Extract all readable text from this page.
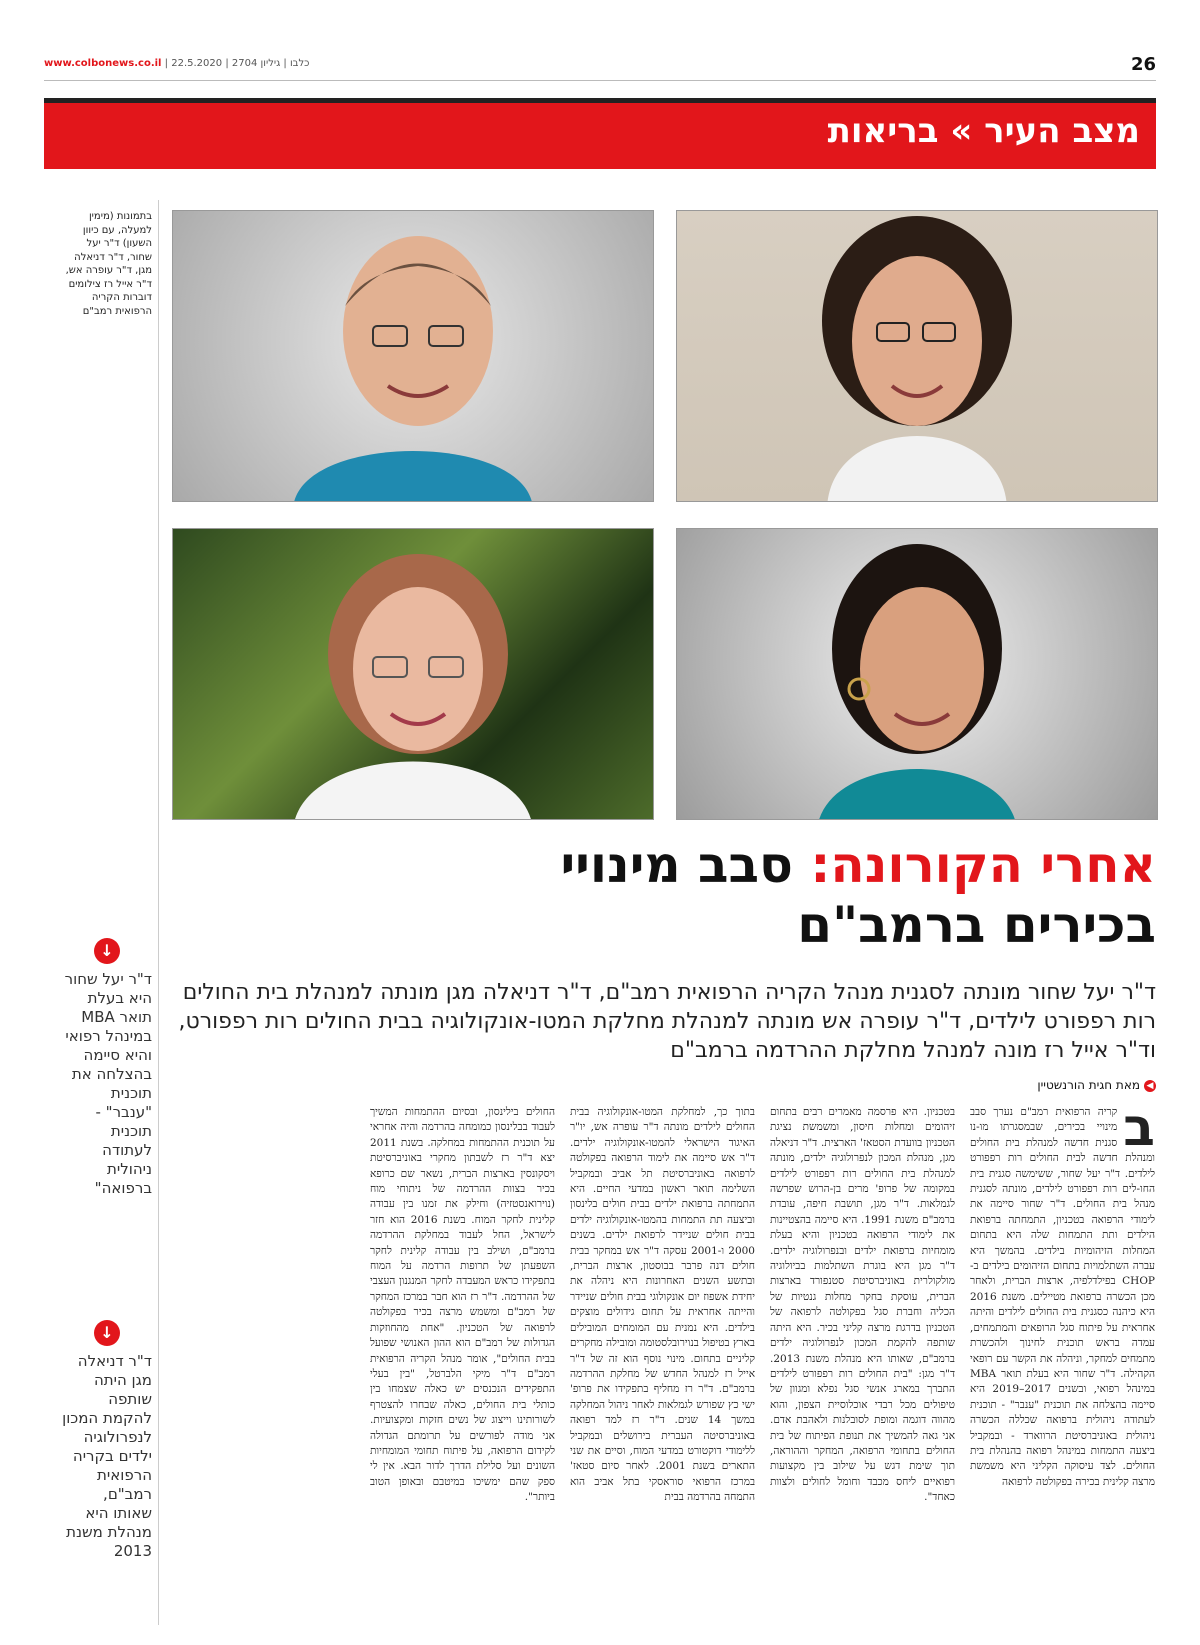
www.colbonews.co.il | כלבו | גיליון 2704 | 22.5.2020	26
מצב העיר » בריאות
בתמונות (מימין למעלה, עם כיוון השעון) ד"ר יעל שחור, ד"ר דניאלה מגן, ד"ר עופרה אש, ד"ר אייל רז צילומים דוברות הקריה הרפואית רמב"ם
אחרי הקורונה: סבב מינויי
בכירים ברמב"ם
ד"ר יעל שחור מונתה לסגנית מנהל הקריה הרפואית רמב"ם, ד"ר דניאלה מגן מונתה למנהלת בית החולים רות רפפורט לילדים, ד"ר עופרה אש מונתה למנהלת מחלקת המטו-אונקולוגיה בבית החולים רות רפפורט, וד"ר אייל רז מונה למנהל מחלקת ההרדמה ברמב"ם
◀מאת חגית הורנשטיין
↓
ד"ר יעל שחור היא בעלת תואר MBA במינהל רפואי והיא סיימה בהצלחה את תוכנית "ענבר" - תוכנית לעתודה ניהולית ברפואה"
↓
ד"ר דניאלה מגן היתה שותפה להקמת המכון לנפרולוגיה ילדים בקריה הרפואית רמב"ם, שאותו היא מנהלת משנת 2013
ב

קריה הרפואית רמב"ם נערך סבב מינויי בכירים, שבמסגרתו מו-נו סגנית חדשה למנהלת בית החולים ומנהלת חדשה לבית החולים רות רפפורט לילדים. ד"ר יעל שחור, ששימשה סגנית בית החו-לים רות רפפורט לילדים, מונתה לסגנית מנהל בית החולים. ד"ר שחור סיימה את לימודי הרפואה בטכניון, התמחתה ברפואת הילדים ותת התמחות שלה היא בתחום המחלות הזיהומיות בילדים. בהמשך היא עברה השתלמויות בתחום הזיהומים בילדים ב-CHOP בפילדלפיה, ארצות הברית, ולאחר מכן הכשרה ברפואת מטיילים. משנת 2016 היא כיהנה כסגנית בית החולים לילדים והיתה אחראית על פיתוח סגל הרופאים והמתמחים, עמדה בראש תוכנית לחינוך ולהכשרת מתמחים למחקר, וניהלה את הקשר עם רופאי הקהילה. ד"ר שחור היא בעלת תואר MBA במינהל רפואי, ובשנים 2017–2019 היא סיימה בהצלחה את תוכנית "ענבר" - תוכנית לעתודה ניהולית ברפואה שכללה הכשרה ניהולית באוניברסיטת הרווארד - ובמקביל ביצעה התמחות במינהל רפואה בהנהלת בית החולים. לצד עיסוקה הקליני היא משמשת מרצה קלינית בכירה בפקולטה לרפואה

בטכניון. היא פרסמה מאמרים רבים בתחום זיהומים ומחלות חיסון, ומשמשת נציגת הטכניון בוועדת הסטאז' הארצית. ד"ר דניאלה מגן, מנהלת המכון לנפרולוגיה ילדים, מונתה למנהלת בית החולים רות רפפורט לילדים במקומה של פרופ' מרים בן-הרוש שפרשה לגמלאות. ד"ר מגן, תושבת חיפה, עובדת ברמב"ם משנת 1991. היא סיימה בהצטיינות את לימודי הרפואה בטכניון והיא בעלת מומחיות ברפואת ילדים ובנפרולוגיה ילדים. ד"ר מגן היא בוגרת השתלמות בביולוגיה מולקולרית באוניברסיטת סטנפורד בארצות הברית, עוסקת בחקר מחלות גנטיות של הכליה וחברת סגל בפקולטה לרפואה של הטכניון בדרגת מרצה קליני בכיר. היא היתה שותפה להקמת המכון לנפרולוגיה ילדים ברמב"ם, שאותו היא מנהלת משנת 2013. ד"ר מגן: "בית החולים רות רפפורט לילדים התברך במארג אנשי סגל נפלא ומגוון של טיפולים מכל רבדי אוכלוסיית הצפון, והוא מהווה דוגמה ומופת לסובלנות ולאהבת אדם. אני גאה להמשיך את תנופת הפיתוח של בית החולים בתחומי הרפואה, המחקר וההוראה, תוך שימת דגש על שילוב בין מקצועות רפואיים ליחס מכבד וחומל לחולים ולצוות כאחד".

בתוך כך, למחלקת המטו-אונקולוגיה בבית החולים לילדים מונתה ד"ר עופרה אש, יו"ר האיגוד הישראלי להמטו-אונקולוגיה ילדים. ד"ר אש סיימה את לימוד הרפואה בפקולטה לרפואה באוניברסיטת תל אביב ובמקביל השלימה תואר ראשון במדעי החיים. היא התמחתה ברפואת ילדים בבית חולים בלינסון וביצעה תת התמחות בהמטו-אונקולוגיה ילדים בבית חולים שניידר לרפואת ילדים. בשנים 2000 ו-2001 עסקה ד"ר אש במחקר בבית חולים דנה פרבר בבוסטון, ארצות הברית, ובתשע השנים האחרונות היא ניהלה את יחידת אשפוז יום אונקולוגי בבית חולים שניידר והייתה אחראית על תחום גידולים מוצקים בילדים. היא נמנית עם המומחים המובילים בארץ בטיפול בנוירובלסטומה ומובילה מחקרים קליניים בתחום. מינוי נוסף הוא זה של ד"ר אייל רז למנהל החדש של מחלקת ההרדמה ברמב"ם. ד"ר רז מחליף בתפקידו את פרופ' ישי כץ שפורש לגמלאות לאחר ניהול המחלקה במשך 14 שנים. ד"ר רז למד רפואה באוניברסיטה העברית בירושלים ובמקביל ללימודי דוקטורט במדעי המוח, וסיים את שני התארים בשנת 2001. לאחר סיום סטאז' במרכז הרפואי סוראסקי בתל אביב הוא התמחה בהרדמה בבית

החולים בילינסון, ובסיום ההתמחות המשיך לעבוד בבלינסון כמומחה בהרדמה והיה אחראי על תוכנית ההתמחות במחלקה. בשנת 2011 יצא ד"ר רז לשבתון מחקרי באוניברסיטת ויסקונסין בארצות הברית, נשאר שם כרופא בכיר בצוות ההרדמה של ניתוחי מוח (נוירואנסטזיה) וחילק את זמנו בין עבודה קלינית לחקר המוח. בשנת 2016 הוא חזר לישראל, החל לעבוד במחלקת ההרדמה ברמב"ם, ושילב בין עבודה קלינית לחקר השפעתן של תרופות הרדמה על המוח בתפקידו כראש המעבדה לחקר המנגנון העצבי של ההרדמה. ד"ר רז הוא חבר במרכז המחקר של רמב"ם ומשמש מרצה בכיר בפקולטה לרפואה של הטכניון. "אחת מהחוזקות הגדולות של רמב"ם הוא ההון האנושי שפועל בבית החולים", אומר מנהל הקריה הרפואית רמב"ם ד"ר מיקי הלברטל, "בין בעלי התפקידים הנכנסים יש כאלה שצמחו בין כותלי בית החולים, כאלה שבחרו להצטרף לשורותינו וייצוג של נשים חזקות ומקצועיות. אני מודה לפורשים על תרומתם הגדולה לקידום הרפואה, על פיתוח תחומי המומחיות השונים ועל סלילת הדרך לדור הבא. אין לי ספק שהם ימשיכו במיטבם ובאופן הטוב ביותר".
